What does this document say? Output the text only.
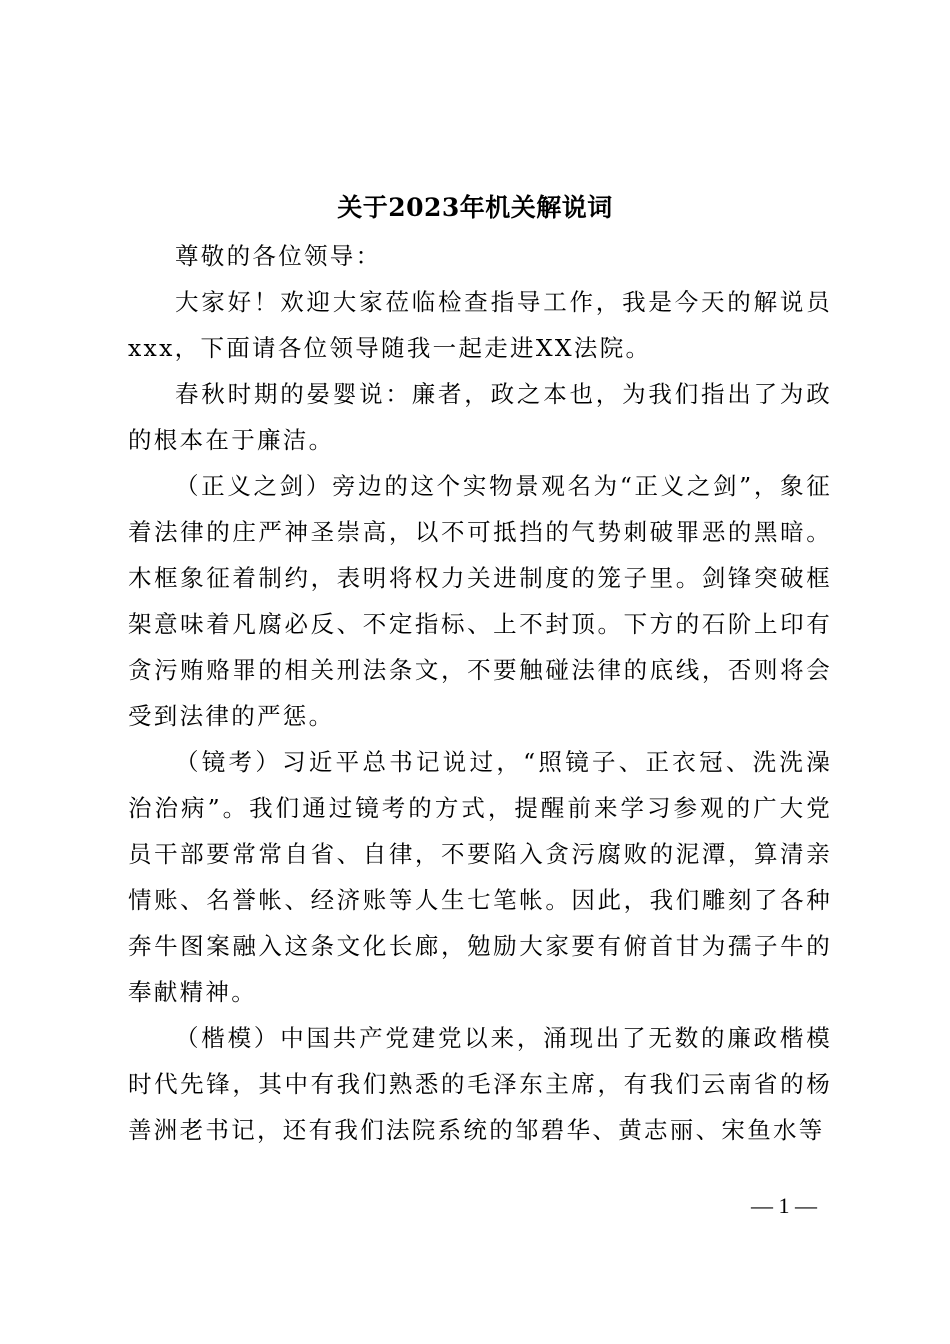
关于2023年机关解说词

尊敬的各位领导：

大家好！欢迎大家莅临检查指导工作，我是今天的解说员xxx，下面请各位领导随我一起走进XX法院。

春秋时期的晏婴说：廉者，政之本也，为我们指出了为政的根本在于廉洁。

（正义之剑）旁边的这个实物景观名为“正义之剑”，象征着法律的庄严神圣崇高，以不可抵挡的气势刺破罪恶的黑暗。木框象征着制约，表明将权力关进制度的笼子里。剑锋突破框架意味着凡腐必反、不定指标、上不封顶。下方的石阶上印有贪污贿赂罪的相关刑法条文，不要触碰法律的底线，否则将会受到法律的严惩。

（镜考）习近平总书记说过，“照镜子、正衣冠、洗洗澡治治病”。我们通过镜考的方式，提醒前来学习参观的广大党员干部要常常自省、自律，不要陷入贪污腐败的泥潭，算清亲情账、名誉帐、经济账等人生七笔帐。因此，我们雕刻了各种奔牛图案融入这条文化长廊，勉励大家要有俯首甘为孺子牛的奉献精神。

（楷模）中国共产党建党以来，涌现出了无数的廉政楷模时代先锋，其中有我们熟悉的毛泽东主席，有我们云南省的杨善洲老书记，还有我们法院系统的邹碧华、黄志丽、宋鱼水等

— 1 —
